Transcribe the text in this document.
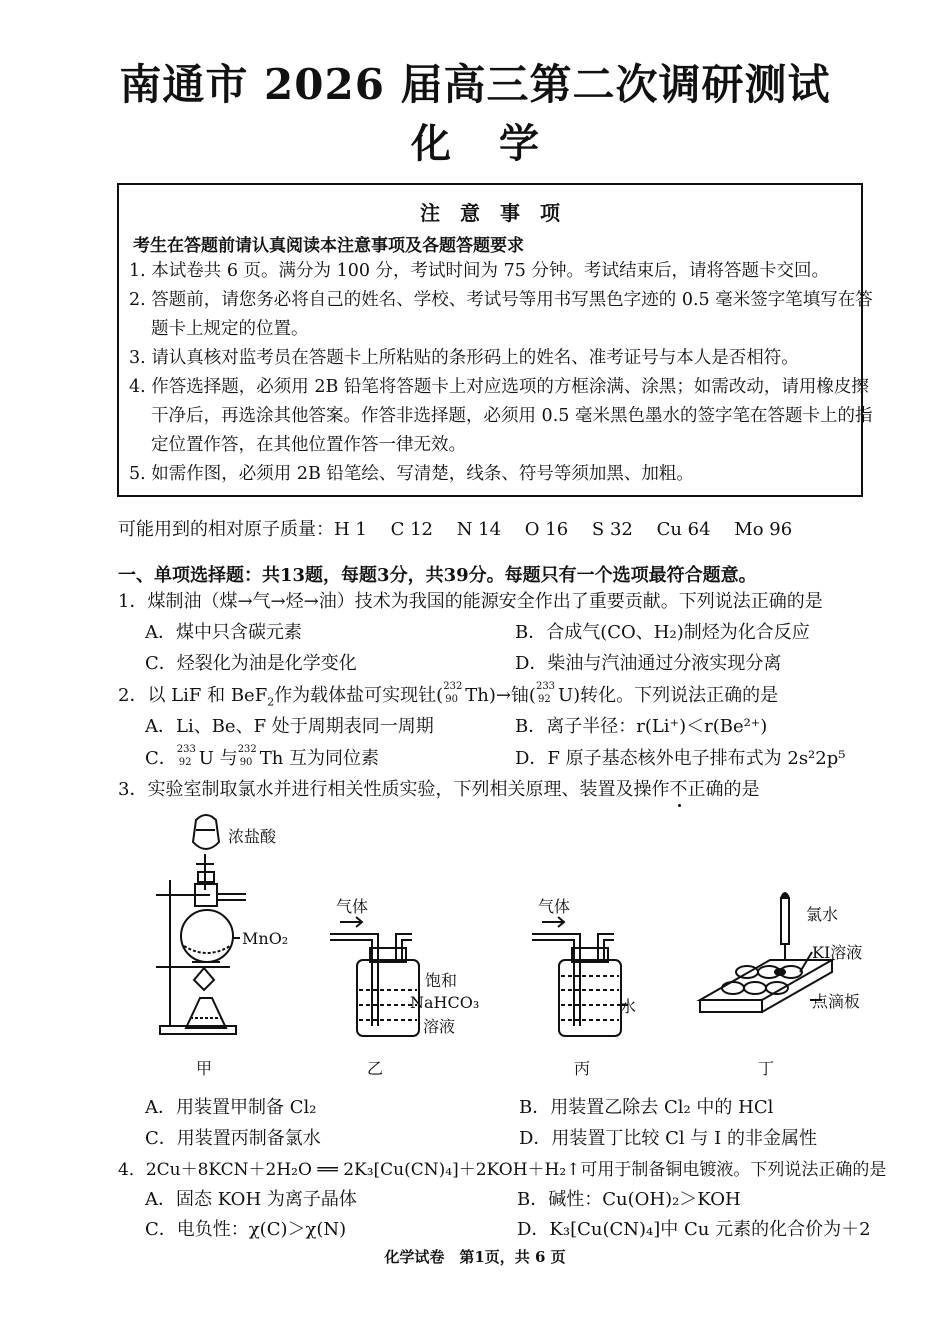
南通市 2026 届高三第二次调研测试
化学
注意事项
考生在答题前请认真阅读本注意事项及各题答题要求
1. 本试卷共 6 页。满分为 100 分，考试时间为 75 分钟。考试结束后，请将答题卡交回。
2. 答题前，请您务必将自己的姓名、学校、考试号等用书写黑色字迹的 0.5 毫米签字笔填写在答
题卡上规定的位置。
3. 请认真核对监考员在答题卡上所粘贴的条形码上的姓名、准考证号与本人是否相符。
4. 作答选择题，必须用 2B 铅笔将答题卡上对应选项的方框涂满、涂黑；如需改动，请用橡皮擦
干净后，再选涂其他答案。作答非选择题，必须用 0.5 毫米黑色墨水的签字笔在答题卡上的指
定位置作答，在其他位置作答一律无效。
5. 如需作图，必须用 2B 铅笔绘、写清楚，线条、符号等须加黑、加粗。
可能用到的相对原子质量：H 1　 C 12　 N 14　 O 16　 S 32　 Cu 64　 Mo 96
一、单项选择题：共13题，每题3分，共39分。每题只有一个选项最符合题意。
1．煤制油（煤→气→烃→油）技术为我国的能源安全作出了重要贡献。下列说法正确的是
A．煤中只含碳元素	B．合成气(CO、H₂)制烃为化合反应
C．烃裂化为油是化学变化	D．柴油与汽油通过分液实现分离
2．以 LiF 和 BeF$_2$作为载体盐可实现钍( 232
90 Th)→铀( 233
92 U)转化。下列说法正确的是
A．Li、Be、F 处于周期表同一周期	B．离子半径：r(Li⁺)＜r(Be²⁺)
C． 233
92 U 与 232
90 Th 互为同位素	D．F 原子基态核外电子排布式为 2s²2p⁵
3．实验室制取氯水并进行相关性质实验，下列相关原理、装置及操作不正确的是
浓盐酸
MnO₂
气体
饱和
NaHCO₃
溶液
气体
水
氯水
KI溶液
点滴板
甲	乙	丙	丁
A．用装置甲制备 Cl₂	B．用装置乙除去 Cl₂ 中的 HCl
C．用装置丙制备氯水	D．用装置丁比较 Cl 与 I 的非金属性
4．2Cu＋8KCN＋2H₂O ══ 2K₃[Cu(CN)₄]＋2KOH＋H₂↑可用于制备铜电镀液。下列说法正确的是
A．固态 KOH 为离子晶体	B．碱性：Cu(OH)₂＞KOH
C．电负性：χ(C)＞χ(N)	D．K₃[Cu(CN)₄]中 Cu 元素的化合价为＋2
化学试卷　第1页，共 6 页
